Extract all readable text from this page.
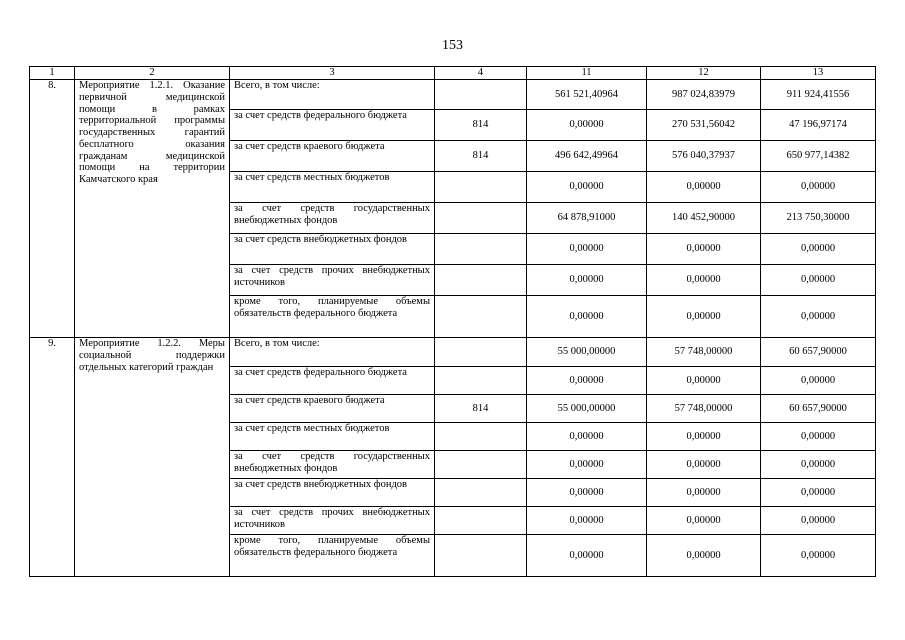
153
1	2	3	4	11	12	13
8.	Мероприятие 1.2.1. Оказание первичной медицинской помощи в рамках территориальной программы государственных гарантий бесплатного оказания гражданам медицинской помощи на территории Камчатского края	Всего, в том числе:		561 521,40964	987 024,83979	911 924,41556
		за счет средств федерального бюджета	814	0,00000	270 531,56042	47 196,97174
		за счет средств краевого бюджета	814	496 642,49964	576 040,37937	650 977,14382
		за счет средств местных бюджетов		0,00000	0,00000	0,00000
		за счет средств государственных внебюджетных фондов		64 878,91000	140 452,90000	213 750,30000
		за счет средств внебюджетных фондов		0,00000	0,00000	0,00000
		за счет средств прочих внебюджетных источников		0,00000	0,00000	0,00000
		кроме того, планируемые объемы обязательств федерального бюджета		0,00000	0,00000	0,00000
9.	Мероприятие 1.2.2. Меры социальной поддержки отдельных категорий граждан	Всего, в том числе:		55 000,00000	57 748,00000	60 657,90000
		за счет средств федерального бюджета		0,00000	0,00000	0,00000
		за счет средств краевого бюджета	814	55 000,00000	57 748,00000	60 657,90000
		за счет средств местных бюджетов		0,00000	0,00000	0,00000
		за счет средств государственных внебюджетных фондов		0,00000	0,00000	0,00000
		за счет средств внебюджетных фондов		0,00000	0,00000	0,00000
		за счет средств прочих внебюджетных источников		0,00000	0,00000	0,00000
		кроме того, планируемые объемы обязательств федерального бюджета		0,00000	0,00000	0,00000
